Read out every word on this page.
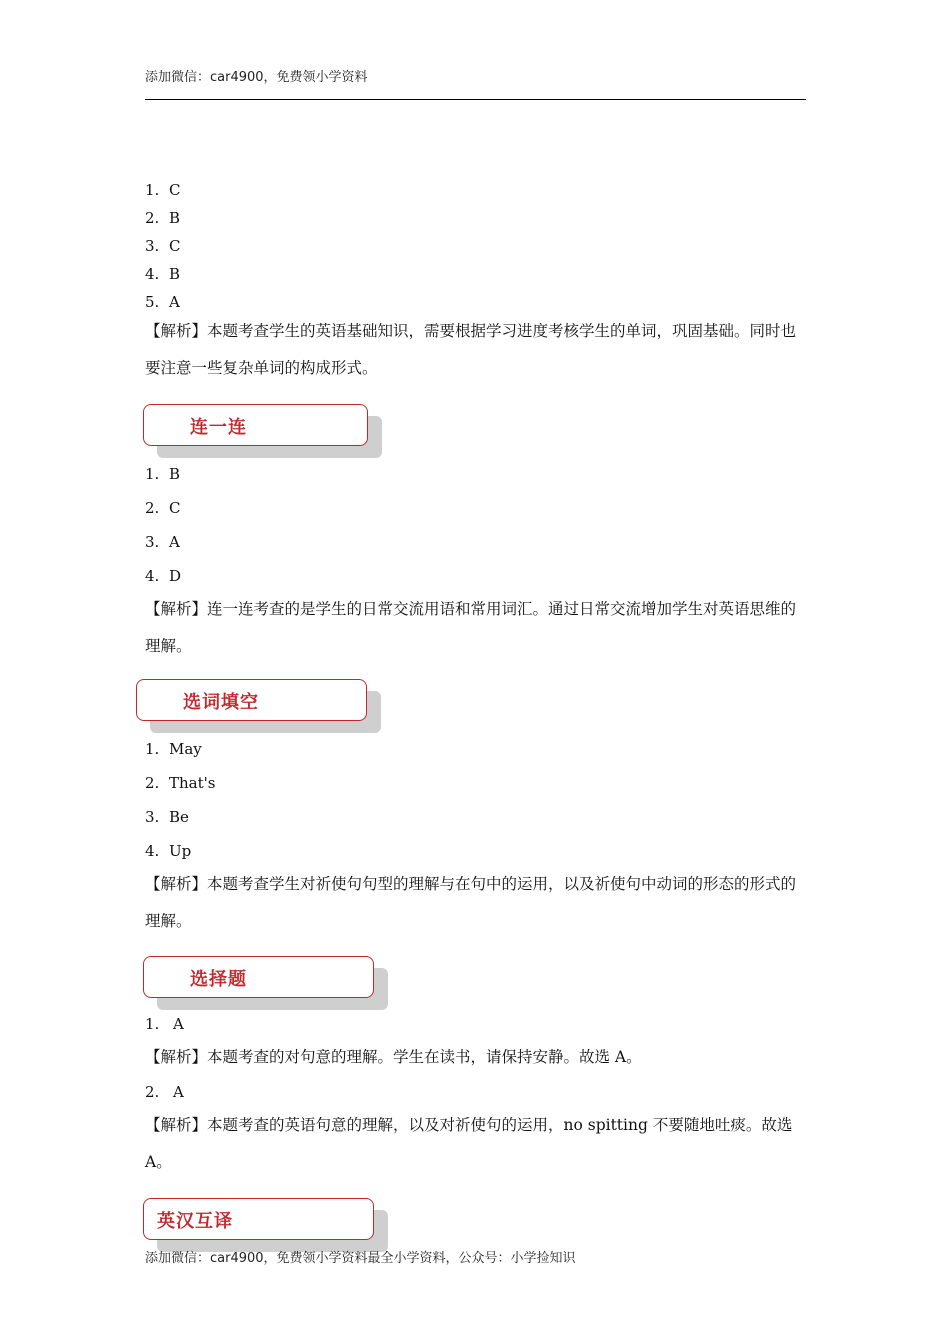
添加微信：car4900，免费领小学资料
1. C
2. B
3. C
4. B
5. A
【解析】本题考查学生的英语基础知识，需要根据学习进度考核学生的单词，巩固基础。同时也要注意一些复杂单词的构成形式。
连一连
1. B
2. C
3. A
4. D
【解析】连一连考查的是学生的日常交流用语和常用词汇。通过日常交流增加学生对英语思维的理解。
选词填空
1. May
2. That's
3. Be
4. Up
【解析】本题考查学生对祈使句句型的理解与在句中的运用，以及祈使句中动词的形态的形式的理解。
选择题
1. A
【解析】本题考查的对句意的理解。学生在读书，请保持安静。故选 A。
2. A
【解析】本题考查的英语句意的理解，以及对祈使句的运用，no spitting 不要随地吐痰。故选 A。
英汉互译
添加微信：car4900，免费领小学资料最全小学资料，公众号：小学捡知识
